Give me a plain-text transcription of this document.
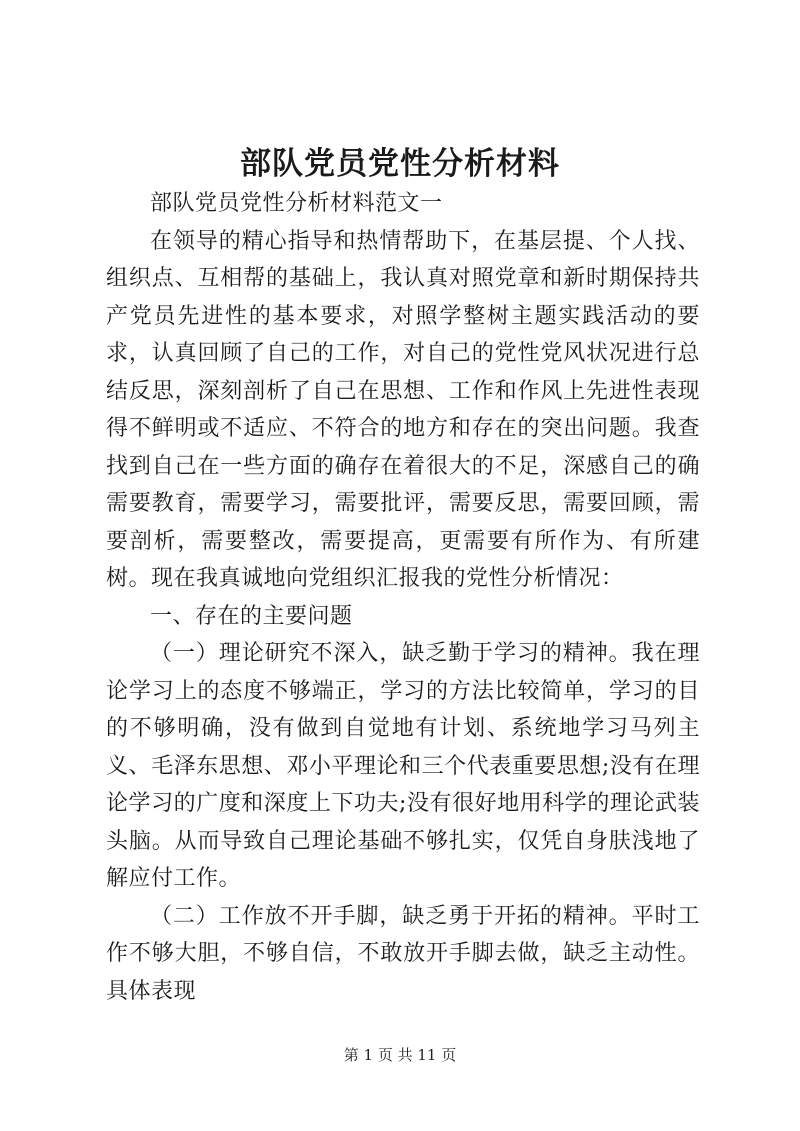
部队党员党性分析材料

部队党员党性分析材料范文一

在领导的精心指导和热情帮助下，在基层提、个人找、组织点、互相帮的基础上，我认真对照党章和新时期保持共产党员先进性的基本要求，对照学整树主题实践活动的要求，认真回顾了自己的工作，对自己的党性党风状况进行总结反思，深刻剖析了自己在思想、工作和作风上先进性表现得不鲜明或不适应、不符合的地方和存在的突出问题。我查找到自己在一些方面的确存在着很大的不足，深感自己的确需要教育，需要学习，需要批评，需要反思，需要回顾，需要剖析，需要整改，需要提高，更需要有所作为、有所建树。现在我真诚地向党组织汇报我的党性分析情况：

一、存在的主要问题

（一）理论研究不深入，缺乏勤于学习的精神。我在理论学习上的态度不够端正，学习的方法比较简单，学习的目的不够明确，没有做到自觉地有计划、系统地学习马列主义、毛泽东思想、邓小平理论和三个代表重要思想;没有在理论学习的广度和深度上下功夫;没有很好地用科学的理论武装头脑。从而导致自己理论基础不够扎实，仅凭自身肤浅地了解应付工作。

（二）工作放不开手脚，缺乏勇于开拓的精神。平时工作不够大胆，不够自信，不敢放开手脚去做，缺乏主动性。具体表现

第 1 页 共 11 页
